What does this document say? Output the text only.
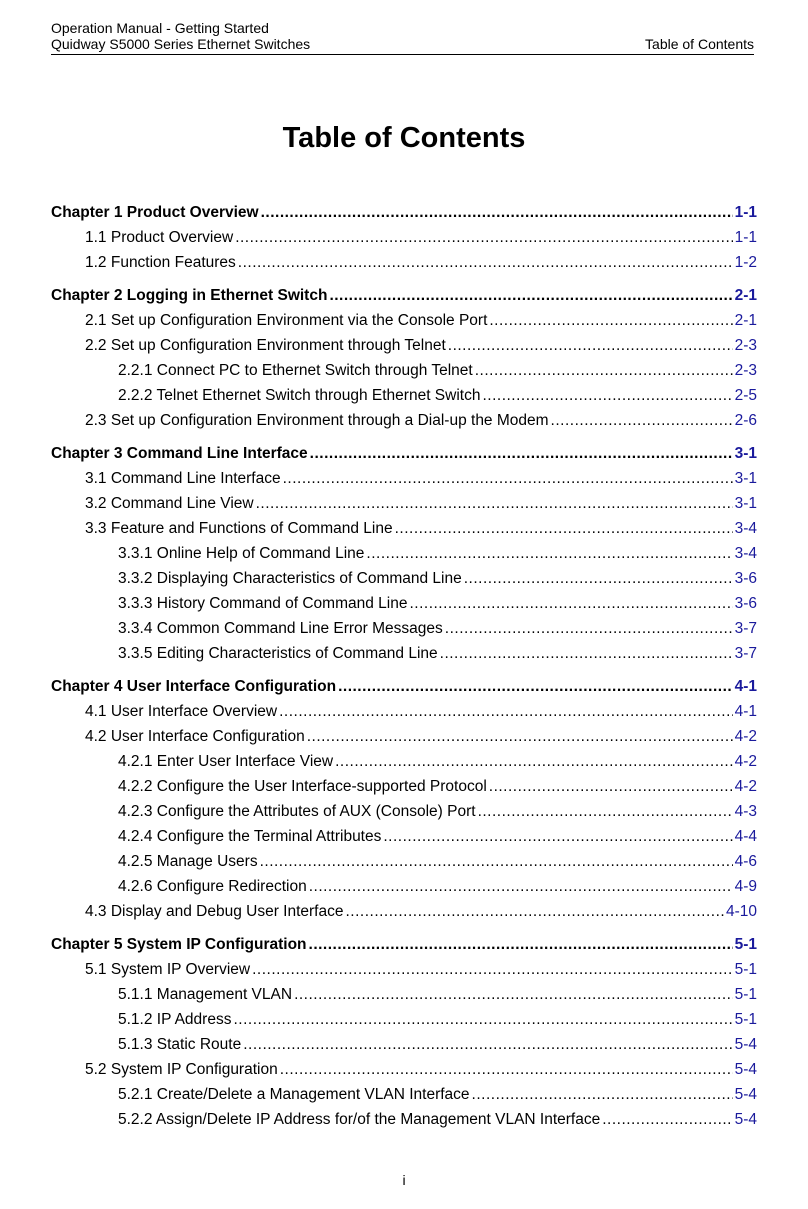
Operation Manual - Getting Started
Quidway S5000 Series Ethernet Switches	Table of Contents
Table of Contents
Chapter 1 Product Overview .....	1-1
1.1 Product Overview .....	1-1
1.2 Function Features .....	1-2
Chapter 2 Logging in Ethernet Switch .....	2-1
2.1 Set up Configuration Environment via the Console Port .....	2-1
2.2 Set up Configuration Environment through Telnet .....	2-3
2.2.1 Connect PC to Ethernet Switch through Telnet .....	2-3
2.2.2 Telnet Ethernet Switch through Ethernet Switch .....	2-5
2.3 Set up Configuration Environment through a Dial-up the Modem .....	2-6
Chapter 3 Command Line Interface .....	3-1
3.1 Command Line Interface .....	3-1
3.2 Command Line View .....	3-1
3.3 Feature and Functions of Command Line .....	3-4
3.3.1 Online Help of Command Line .....	3-4
3.3.2 Displaying Characteristics of Command Line .....	3-6
3.3.3 History Command of Command Line .....	3-6
3.3.4 Common Command Line Error Messages .....	3-7
3.3.5 Editing Characteristics of Command Line .....	3-7
Chapter 4 User Interface Configuration .....	4-1
4.1 User Interface Overview .....	4-1
4.2 User Interface Configuration .....	4-2
4.2.1 Enter User Interface View .....	4-2
4.2.2 Configure the User Interface-supported Protocol .....	4-2
4.2.3 Configure the Attributes of AUX (Console) Port .....	4-3
4.2.4 Configure the Terminal Attributes .....	4-4
4.2.5 Manage Users .....	4-6
4.2.6 Configure Redirection .....	4-9
4.3 Display and Debug User Interface .....	4-10
Chapter 5 System IP Configuration .....	5-1
5.1 System IP Overview .....	5-1
5.1.1 Management VLAN .....	5-1
5.1.2 IP Address .....	5-1
5.1.3 Static Route .....	5-4
5.2 System IP Configuration .....	5-4
5.2.1 Create/Delete a Management VLAN Interface .....	5-4
5.2.2 Assign/Delete IP Address for/of the Management VLAN Interface .....	5-4
i
